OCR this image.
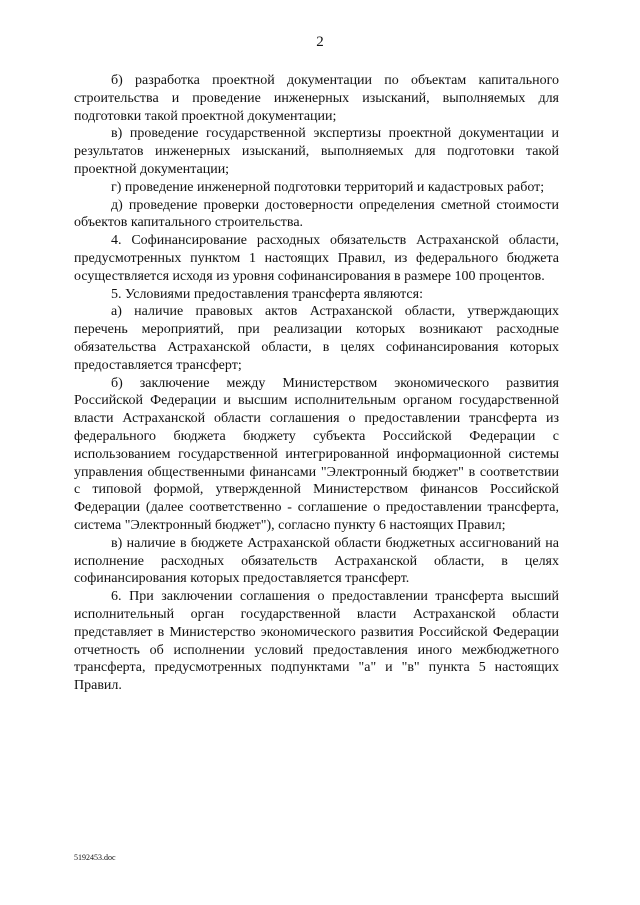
2

б) разработка проектной документации по объектам капитального строительства и проведение инженерных изысканий, выполняемых для подготовки такой проектной документации;

в) проведение государственной экспертизы проектной документации и результатов инженерных изысканий, выполняемых для подготовки такой проектной документации;

г) проведение инженерной подготовки территорий и кадастровых работ;

д) проведение проверки достоверности определения сметной стоимости объектов капитального строительства.

4. Софинансирование расходных обязательств Астраханской области, предусмотренных пунктом 1 настоящих Правил, из федерального бюджета осуществляется исходя из уровня софинансирования в размере 100 процентов.

5. Условиями предоставления трансферта являются:

а) наличие правовых актов Астраханской области, утверждающих перечень мероприятий, при реализации которых возникают расходные обязательства Астраханской области, в целях софинансирования которых предоставляется трансферт;

б) заключение между Министерством экономического развития Российской Федерации и высшим исполнительным органом государственной власти Астраханской области соглашения о предоставлении трансферта из федерального бюджета бюджету субъекта Российской Федерации с использованием государственной интегрированной информационной системы управления общественными финансами "Электронный бюджет" в соответствии с типовой формой, утвержденной Министерством финансов Российской Федерации (далее соответственно - соглашение о предоставлении трансферта, система "Электронный бюджет"), согласно пункту 6 настоящих Правил;

в) наличие в бюджете Астраханской области бюджетных ассигнований на исполнение расходных обязательств Астраханской области, в целях софинансирования которых предоставляется трансферт.

6. При заключении соглашения о предоставлении трансферта высший исполнительный орган государственной власти Астраханской области представляет в Министерство экономического развития Российской Федерации отчетность об исполнении условий предоставления иного межбюджетного трансферта, предусмотренных подпунктами "а" и "в" пункта 5 настоящих Правил.

5192453.doc
